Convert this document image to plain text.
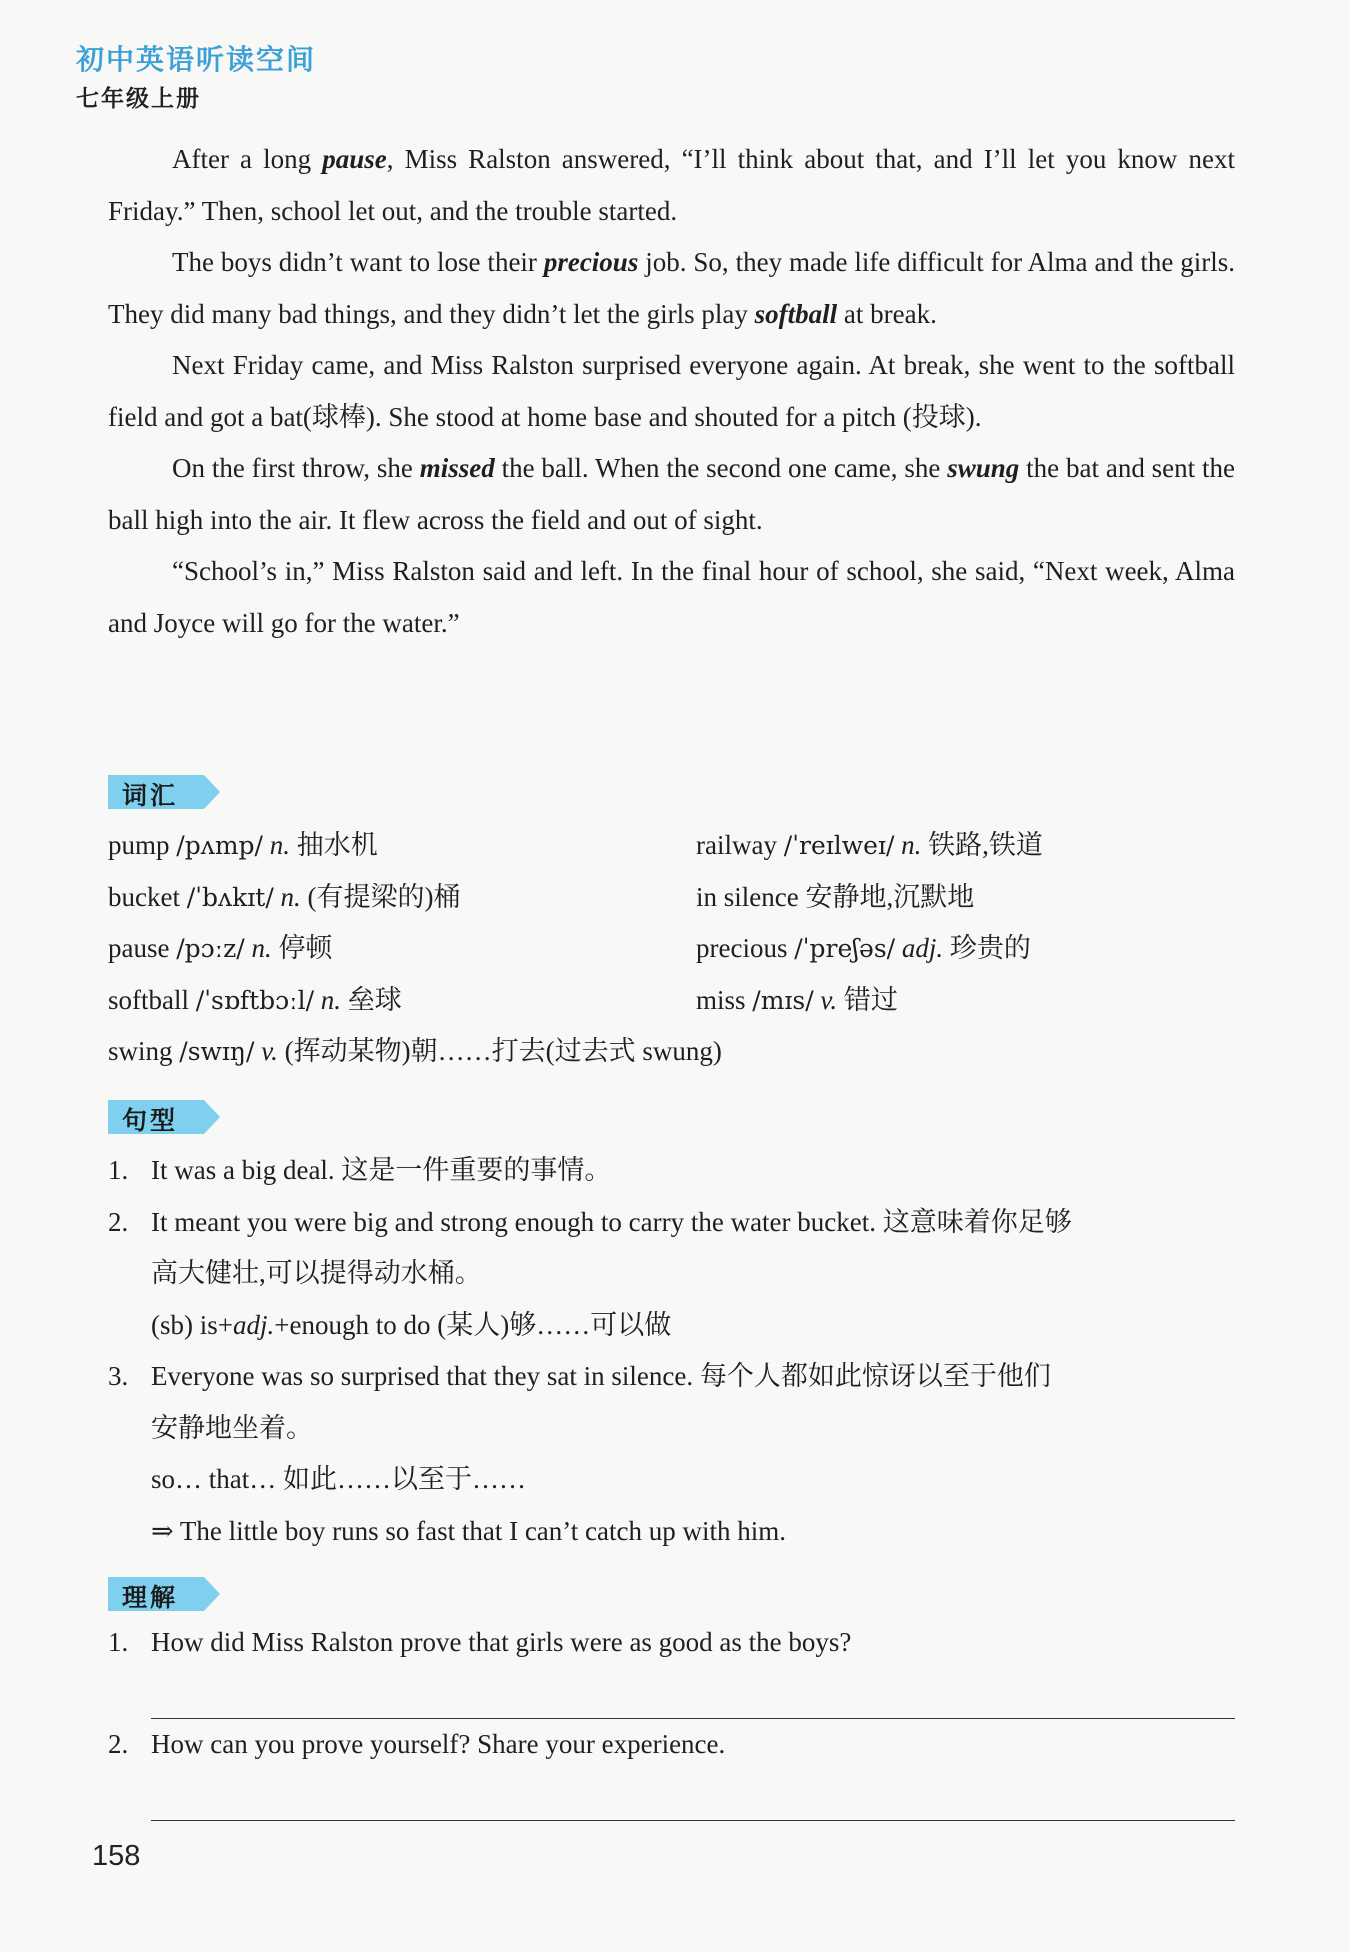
初中英语听读空间
七年级上册

After a long pause, Miss Ralston answered, “I’ll think about that, and I’ll let you know next Friday.” Then, school let out, and the trouble started.

The boys didn’t want to lose their precious job. So, they made life difficult for Alma and the girls. They did many bad things, and they didn’t let the girls play softball at break.

Next Friday came, and Miss Ralston surprised everyone again. At break, she went to the softball field and got a bat(球棒). She stood at home base and shouted for a pitch (投球).

On the first throw, she missed the ball. When the second one came, she swung the bat and sent the ball high into the air. It flew across the field and out of sight.

“School’s in,” Miss Ralston said and left. In the final hour of school, she said, “Next week, Alma and Joyce will go for the water.”

词汇
pump /pʌmp/ n. 抽水机	railway /ˈreɪlweɪ/ n. 铁路,铁道
bucket /ˈbʌkɪt/ n. (有提梁的)桶	in silence 安静地,沉默地
pause /pɔːz/ n. 停顿	precious /ˈpreʃəs/ adj. 珍贵的
softball /ˈsɒftbɔːl/ n. 垒球	miss /mɪs/ v. 错过
swing /swɪŋ/ v. (挥动某物)朝……打去(过去式 swung)
句型
1. It was a big deal. 这是一件重要的事情。
2. It meant you were big and strong enough to carry the water bucket. 这意味着你足够
高大健壮,可以提得动水桶。
(sb) is+adj.+enough to do (某人)够……可以做
3. Everyone was so surprised that they sat in silence. 每个人都如此惊讶以至于他们
安静地坐着。
so… that… 如此……以至于……
⇒ The little boy runs so fast that I can’t catch up with him.
理解
1. How did Miss Ralston prove that girls were as good as the boys?
2. How can you prove yourself? Share your experience.
158
